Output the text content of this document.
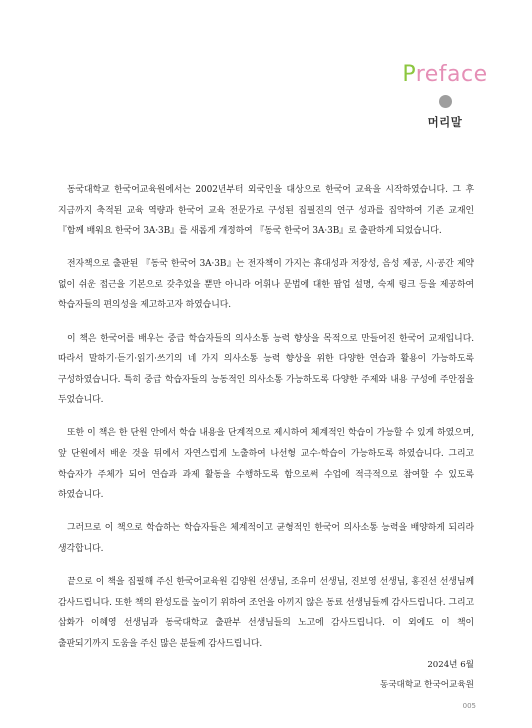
Preface
머리말

동국대학교 한국어교육원에서는 2002년부터 외국인을 대상으로 한국어 교육을 시작하였습니다. 그 후 지금까지 축적된 교육 역량과 한국어 교육 전문가로 구성된 집필진의 연구 성과를 집약하여 기존 교재인 『함께 배워요 한국어 3A·3B』를 새롭게 개정하여 『동국 한국어 3A·3B』로 출판하게 되었습니다.

전자책으로 출판된 『동국 한국어 3A·3B』는 전자책이 가지는 휴대성과 저장성, 음성 제공, 시·공간 제약 없이 쉬운 접근을 기본으로 갖추었을 뿐만 아니라 어휘나 문법에 대한 팝업 설명, 숙제 링크 등을 제공하여 학습자들의 편의성을 제고하고자 하였습니다.

이 책은 한국어를 배우는 중급 학습자들의 의사소통 능력 향상을 목적으로 만들어진 한국어 교재입니다. 따라서 말하기·듣기·읽기·쓰기의 네 가지 의사소통 능력 향상을 위한 다양한 연습과 활용이 가능하도록 구성하였습니다. 특히 중급 학습자들의 능동적인 의사소통 가능하도록 다양한 주제와 내용 구성에 주안점을 두었습니다.

또한 이 책은 한 단원 안에서 학습 내용을 단계적으로 제시하여 체계적인 학습이 가능할 수 있게 하였으며, 앞 단원에서 배운 것을 뒤에서 자연스럽게 노출하여 나선형 교수·학습이 가능하도록 하였습니다. 그리고 학습자가 주체가 되어 연습과 과제 활동을 수행하도록 함으로써 수업에 적극적으로 참여할 수 있도록 하였습니다.

그러므로 이 책으로 학습하는 학습자들은 체계적이고 균형적인 한국어 의사소통 능력을 배양하게 되리라 생각합니다.

끝으로 이 책을 집필해 주신 한국어교육원 김양원 선생님, 조유미 선생님, 진보영 선생님, 홍진선 선생님께 감사드립니다. 또한 책의 완성도를 높이기 위하여 조언을 아끼지 않은 동료 선생님들께 감사드립니다. 그리고 삽화가 이혜영 선생님과 동국대학교 출판부 선생님들의 노고에 감사드립니다. 이 외에도 이 책이 출판되기까지 도움을 주신 많은 분들께 감사드립니다.

2024년 6월
동국대학교 한국어교육원
005
